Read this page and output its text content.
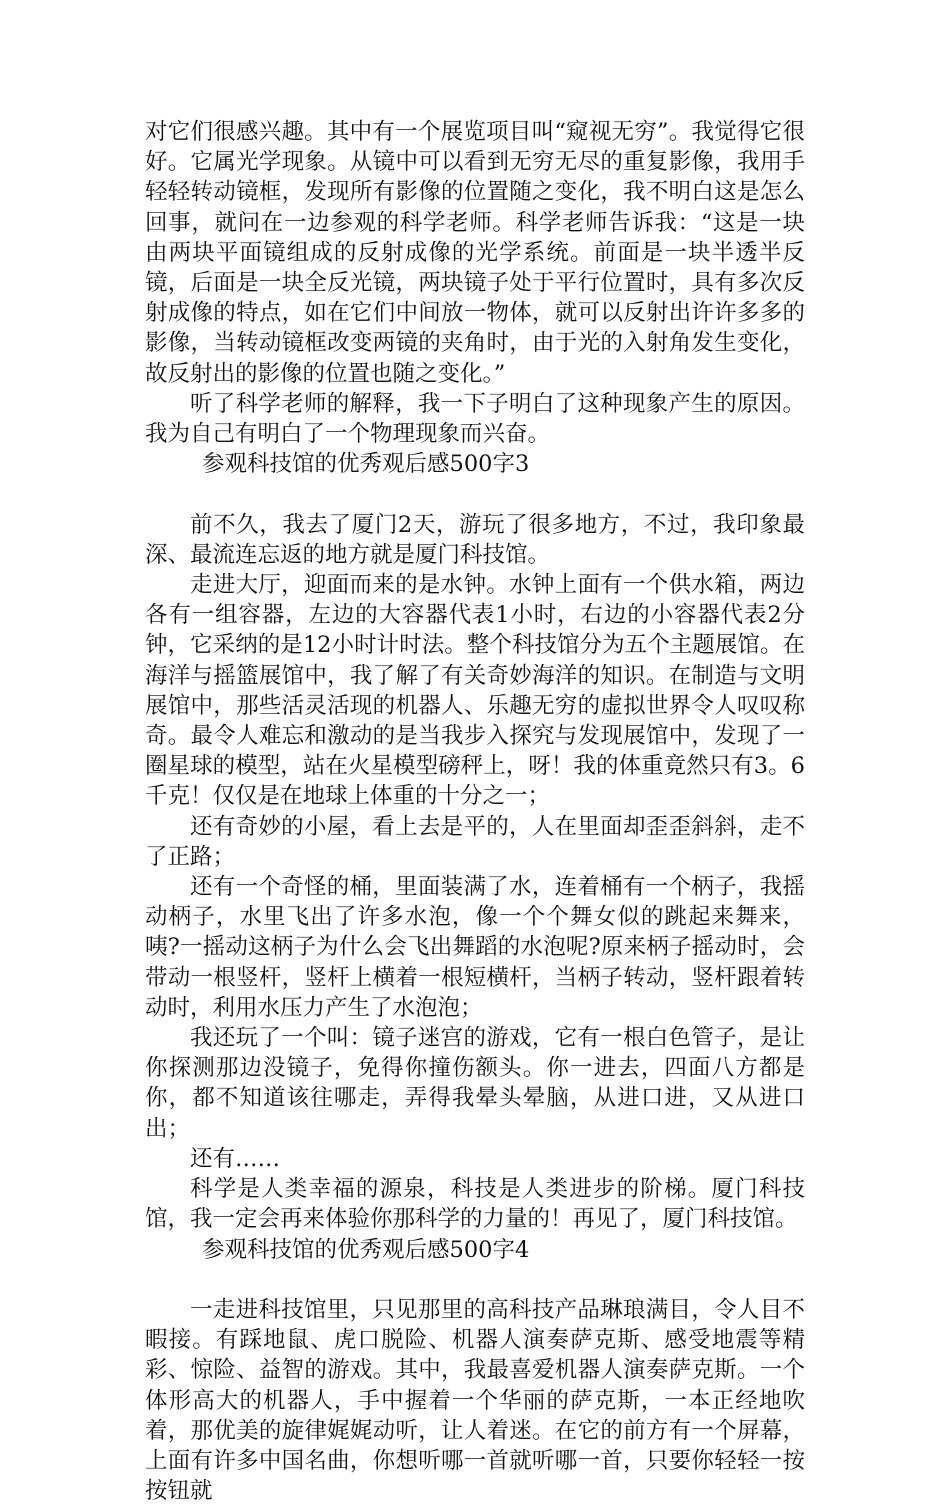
对它们很感兴趣。其中有一个展览项目叫“窥视无穷”。我觉得它很好。它属光学现象。从镜中可以看到无穷无尽的重复影像，我用手轻轻转动镜框，发现所有影像的位置随之变化，我不明白这是怎么回事，就问在一边参观的科学老师。科学老师告诉我：“这是一块由两块平面镜组成的反射成像的光学系统。前面是一块半透半反镜，后面是一块全反光镜，两块镜子处于平行位置时，具有多次反射成像的特点，如在它们中间放一物体，就可以反射出许许多多的影像，当转动镜框改变两镜的夹角时，由于光的入射角发生变化，故反射出的影像的位置也随之变化。”

听了科学老师的解释，我一下子明白了这种现象产生的原因。我为自己有明白了一个物理现象而兴奋。

参观科技馆的优秀观后感500字3

前不久，我去了厦门2天，游玩了很多地方，不过，我印象最深、最流连忘返的地方就是厦门科技馆。

走进大厅，迎面而来的是水钟。水钟上面有一个供水箱，两边各有一组容器，左边的大容器代表1小时，右边的小容器代表2分钟，它采纳的是12小时计时法。整个科技馆分为五个主题展馆。在海洋与摇篮展馆中，我了解了有关奇妙海洋的知识。在制造与文明展馆中，那些活灵活现的机器人、乐趣无穷的虚拟世界令人叹叹称奇。最令人难忘和激动的是当我步入探究与发现展馆中，发现了一圈星球的模型，站在火星模型磅秤上，呀！我的体重竟然只有3。6千克！仅仅是在地球上体重的十分之一；

还有奇妙的小屋，看上去是平的，人在里面却歪歪斜斜，走不了正路；

还有一个奇怪的桶，里面装满了水，连着桶有一个柄子，我摇动柄子，水里飞出了许多水泡，像一个个舞女似的跳起来舞来，咦?一摇动这柄子为什么会飞出舞蹈的水泡呢?原来柄子摇动时，会带动一根竖杆，竖杆上横着一根短横杆，当柄子转动，竖杆跟着转动时，利用水压力产生了水泡泡；

我还玩了一个叫：镜子迷宫的游戏，它有一根白色管子，是让你探测那边没镜子，免得你撞伤额头。你一进去，四面八方都是你，都不知道该往哪走，弄得我晕头晕脑，从进口进，又从进口出；

还有……

科学是人类幸福的源泉，科技是人类进步的阶梯。厦门科技馆，我一定会再来体验你那科学的力量的！再见了，厦门科技馆。

参观科技馆的优秀观后感500字4

一走进科技馆里，只见那里的高科技产品琳琅满目，令人目不暇接。有踩地鼠、虎口脱险、机器人演奏萨克斯、感受地震等精彩、惊险、益智的游戏。其中，我最喜爱机器人演奏萨克斯。一个体形高大的机器人，手中握着一个华丽的萨克斯，一本正经地吹着，那优美的旋律娓娓动听，让人着迷。在它的前方有一个屏幕，上面有许多中国名曲，你想听哪一首就听哪一首，只要你轻轻一按按钮就
